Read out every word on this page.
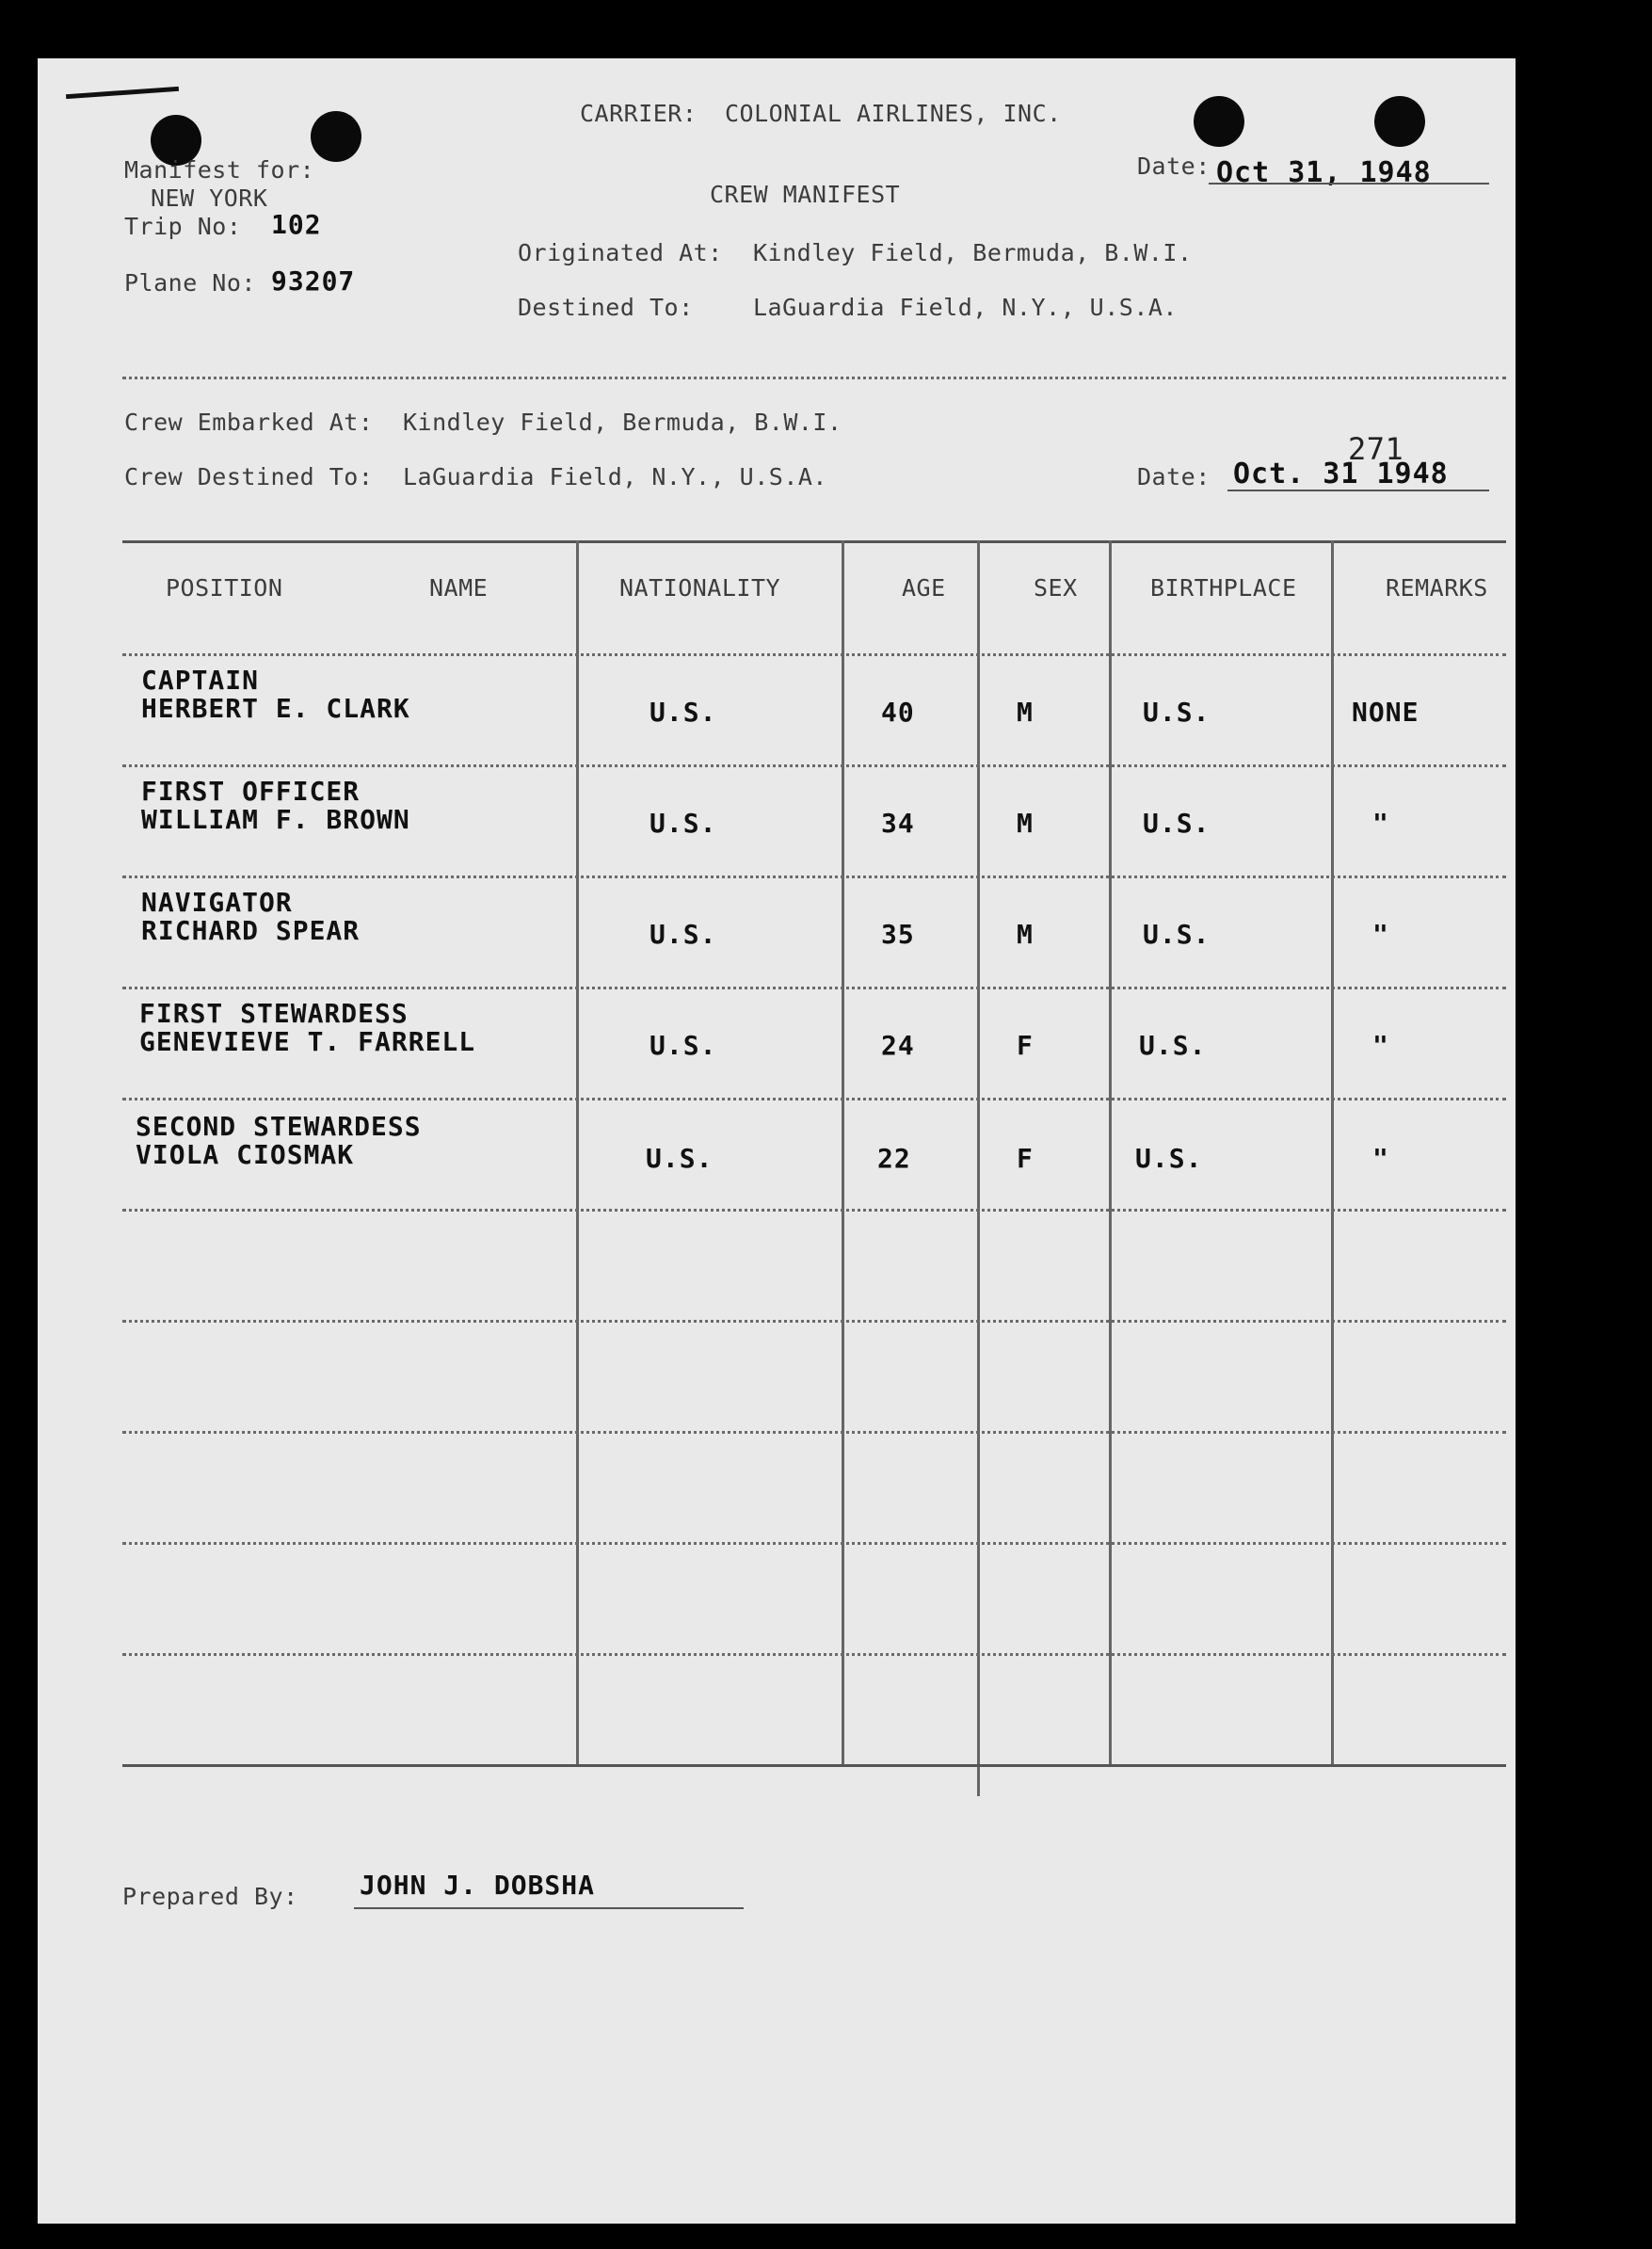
CARRIER: COLONIAL AIRLINES, INC.
Manifest for:
NEW YORK
Trip No: 102
Plane No: 93207
CREW MANIFEST
Date: Oct 31, 1948
Originated At: Kindley Field, Bermuda, B.W.I.
Destined To:	LaGuardia Field, N.Y., U.S.A.
Crew Embarked At: Kindley Field, Bermuda, B.W.I.
Crew Destined To: LaGuardia Field, N.Y., U.S.A.	Date: Oct. 31 1948
271
POSITION	NAME	NATIONALITY	AGE	SEX	BIRTHPLACE	REMARKS
CAPTAIN
HERBERT E. CLARK	U.S.	40	M	U.S.	NONE
FIRST OFFICER
WILLIAM F. BROWN	U.S.	34	M	U.S.	"
NAVIGATOR
RICHARD SPEAR	U.S.	35	M	U.S.	"
FIRST STEWARDESS
GENEVIEVE T. FARRELL	U.S.	24	F	U.S.	"
SECOND STEWARDESS
VIOLA CIOSMAK	U.S.	22	F	U.S.	"
Prepared By: JOHN J. DOBSHA
